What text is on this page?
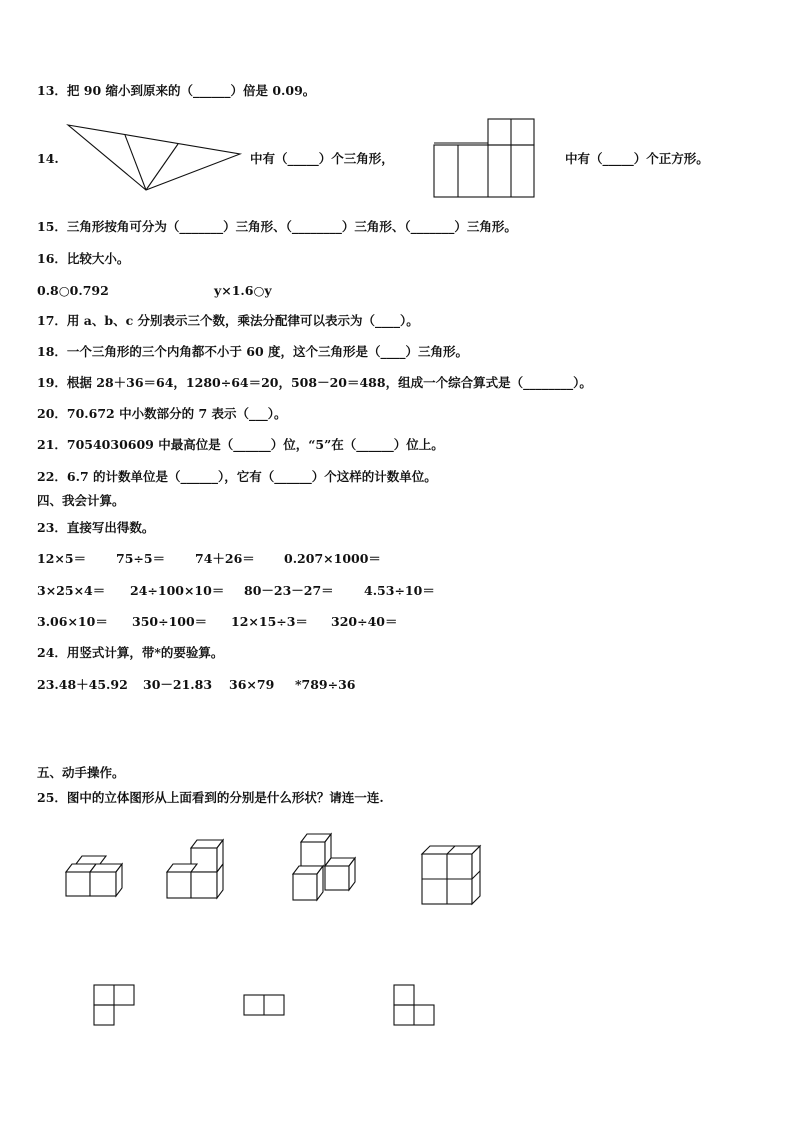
13．把 90 缩小到原来的（______）倍是 0.09。
14.	中有（_____）个三角形，	中有（_____）个正方形。
15．三角形按角可分为（_______）三角形、（________）三角形、（_______）三角形。
16．比较大小。
0.8○0.792	y×1.6○y
17．用 a、b、c 分别表示三个数，乘法分配律可以表示为（____）。
18．一个三角形的三个内角都不小于 60 度，这个三角形是（____）三角形。
19．根据 28＋36＝64，1280÷64＝20，508－20＝488，组成一个综合算式是（________）。
20．70.672 中小数部分的 7 表示（___）。
21．7054030609 中最高位是（______）位，“5”在（______）位上。
22．6.7 的计数单位是（______），它有（______）个这样的计数单位。
四、我会计算。
23．直接写出得数。
12×5＝ 75÷5＝ 74＋26＝ 0.207×1000＝
3×25×4＝ 24÷100×10＝ 80－23－27＝ 4.53÷10＝
3.06×10＝ 350÷100＝ 12×15÷3＝ 320÷40＝
24．用竖式计算，带*的要验算。
23.48＋45.92 30－21.83 36×79 *789÷36
五、动手操作。
25．图中的立体图形从上面看到的分别是什么形状？请连一连.
